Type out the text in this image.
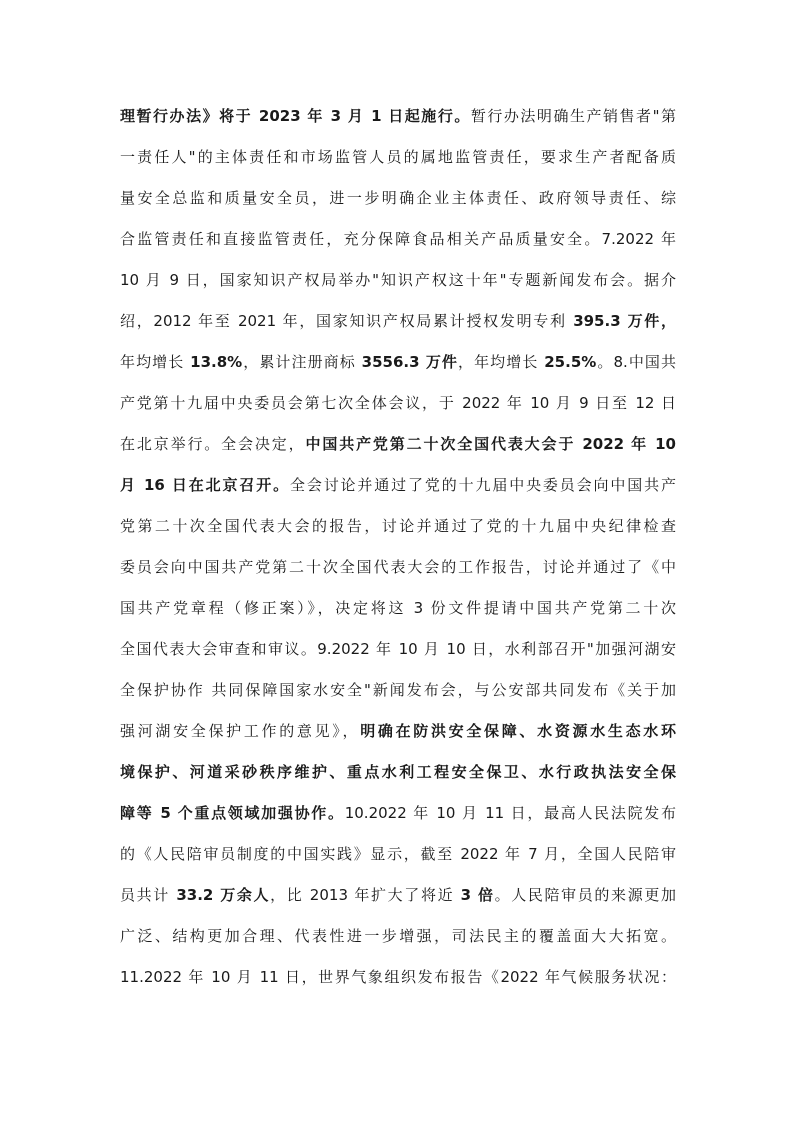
理暂行办法》将于 2023 年 3 月 1 日起施行。暂行办法明确生产销售者"第
一责任人"的主体责任和市场监管人员的属地监管责任，要求生产者配备质
量安全总监和质量安全员，进一步明确企业主体责任、政府领导责任、综
合监管责任和直接监管责任，充分保障食品相关产品质量安全。7.2022 年
10 月 9 日，国家知识产权局举办"知识产权这十年"专题新闻发布会。据介
绍，2012 年至 2021 年，国家知识产权局累计授权发明专利 395.3 万件，
年均增长 13.8%，累计注册商标 3556.3 万件，年均增长 25.5%。8.中国共
产党第十九届中央委员会第七次全体会议，于 2022 年 10 月 9 日至 12 日
在北京举行。全会决定，中国共产党第二十次全国代表大会于 2022 年 10
月 16 日在北京召开。全会讨论并通过了党的十九届中央委员会向中国共产
党第二十次全国代表大会的报告，讨论并通过了党的十九届中央纪律检查
委员会向中国共产党第二十次全国代表大会的工作报告，讨论并通过了《中
国共产党章程（修正案）》，决定将这 3 份文件提请中国共产党第二十次
全国代表大会审查和审议。9.2022 年 10 月 10 日，水利部召开"加强河湖安
全保护协作 共同保障国家水安全"新闻发布会，与公安部共同发布《关于加
强河湖安全保护工作的意见》，明确在防洪安全保障、水资源水生态水环
境保护、河道采砂秩序维护、重点水利工程安全保卫、水行政执法安全保
障等 5 个重点领域加强协作。10.2022 年 10 月 11 日，最高人民法院发布
的《人民陪审员制度的中国实践》显示，截至 2022 年 7 月，全国人民陪审
员共计 33.2 万余人，比 2013 年扩大了将近 3 倍。人民陪审员的来源更加
广泛、结构更加合理、代表性进一步增强，司法民主的覆盖面大大拓宽。
11.2022 年 10 月 11 日，世界气象组织发布报告《2022 年气候服务状况：
